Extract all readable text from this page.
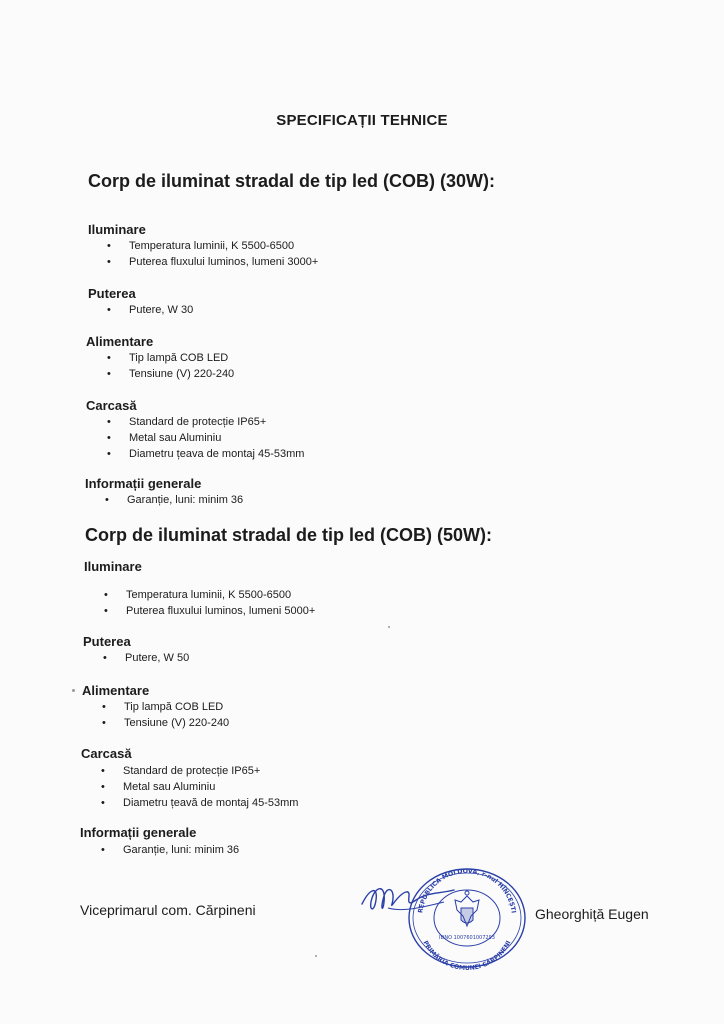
SPECIFICAȚII TEHNICE
Corp de iluminat stradal de tip led (COB) (30W):
Iluminare
• Temperatura luminii, K 5500-6500
• Puterea fluxului luminos, lumeni 3000+
Puterea
• Putere, W 30
Alimentare
• Tip lampă COB LED
• Tensiune (V) 220-240
Carcasă
• Standard de protecție IP65+
• Metal sau Aluminiu
• Diametru țeava de montaj 45-53mm
Informații generale
• Garanție, luni: minim 36
Corp de iluminat stradal de tip led (COB) (50W):
Iluminare
• Temperatura luminii, K 5500-6500
• Puterea fluxului luminos, lumeni 5000+
Puterea
• Putere, W 50
Alimentare
• Tip lampă COB LED
• Tensiune (V) 220-240
Carcasă
• Standard de protecție IP65+
• Metal sau Aluminiu
• Diametru țeavă de montaj 45-53mm
Informații generale
• Garanție, luni: minim 36
Viceprimarul com. Cărpineni	REPUBLICA MOLDOVA, r-nul HÎNCEȘTI
PRIMĂRIA COMUNEI CĂRPINENI
IDNO 1007601007293
Gheorghiță Eugen
